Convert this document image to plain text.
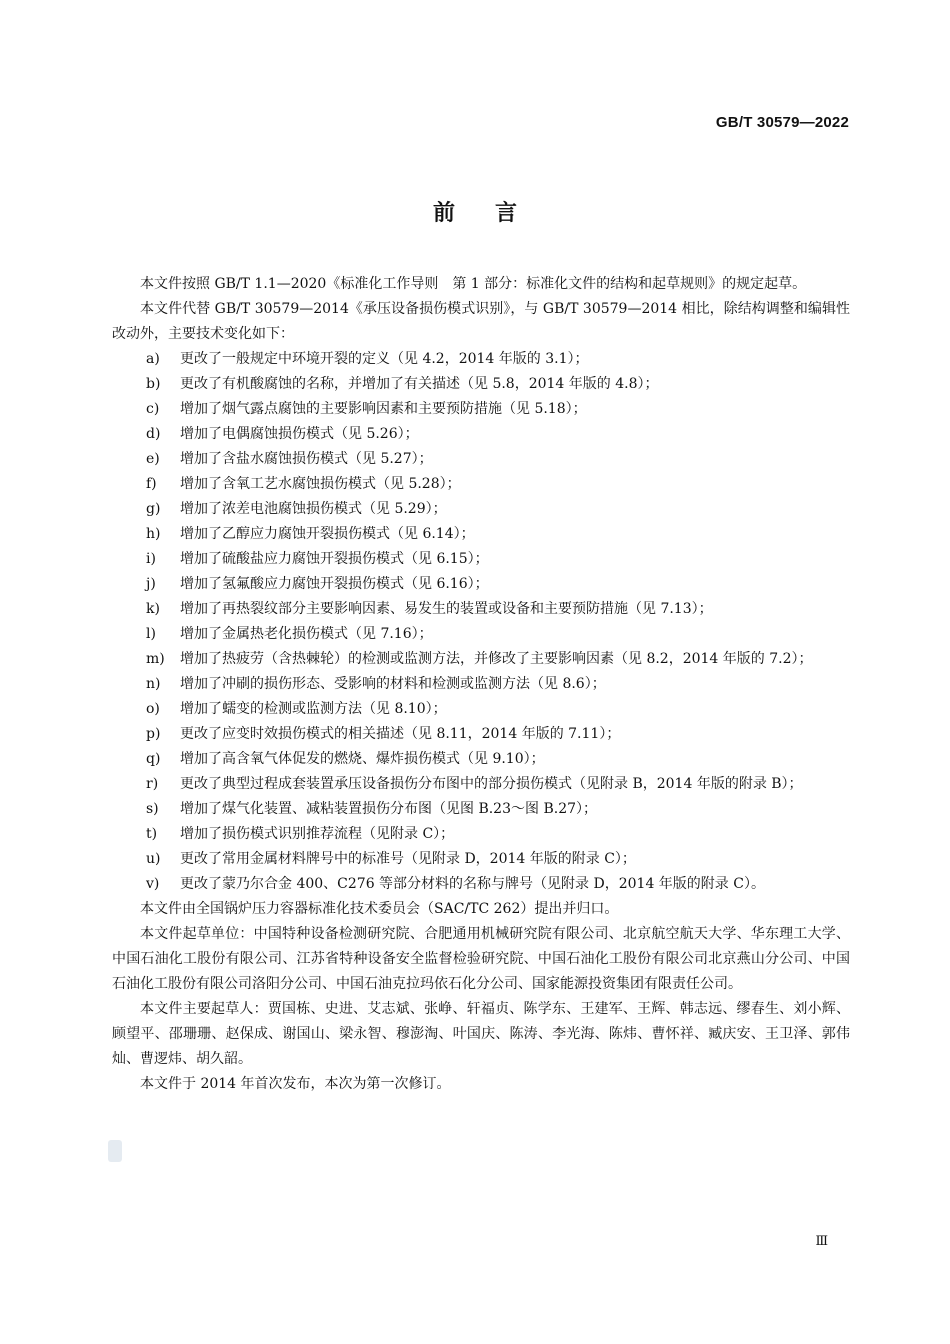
GB/T 30579—2022
前言

本文件按照 GB/T 1.1—2020《标准化工作导则　第 1 部分：标准化文件的结构和起草规则》的规定起草。

本文件代替 GB/T 30579—2014《承压设备损伤模式识别》，与 GB/T 30579—2014 相比，除结构调整和编辑性改动外，主要技术变化如下：

a) 更改了一般规定中环境开裂的定义（见 4.2，2014 年版的 3.1）；
b) 更改了有机酸腐蚀的名称，并增加了有关描述（见 5.8，2014 年版的 4.8）；
c) 增加了烟气露点腐蚀的主要影响因素和主要预防措施（见 5.18）；
d) 增加了电偶腐蚀损伤模式（见 5.26）；
e) 增加了含盐水腐蚀损伤模式（见 5.27）；
f) 增加了含氧工艺水腐蚀损伤模式（见 5.28）；
g) 增加了浓差电池腐蚀损伤模式（见 5.29）；
h) 增加了乙醇应力腐蚀开裂损伤模式（见 6.14）；
i) 增加了硫酸盐应力腐蚀开裂损伤模式（见 6.15）；
j) 增加了氢氟酸应力腐蚀开裂损伤模式（见 6.16）；
k) 增加了再热裂纹部分主要影响因素、易发生的装置或设备和主要预防措施（见 7.13）；
l) 增加了金属热老化损伤模式（见 7.16）；
m) 增加了热疲劳（含热棘轮）的检测或监测方法，并修改了主要影响因素（见 8.2，2014 年版的 7.2）；
n) 增加了冲刷的损伤形态、受影响的材料和检测或监测方法（见 8.6）；
o) 增加了蠕变的检测或监测方法（见 8.10）；
p) 更改了应变时效损伤模式的相关描述（见 8.11，2014 年版的 7.11）；
q) 增加了高含氧气体促发的燃烧、爆炸损伤模式（见 9.10）；
r) 更改了典型过程成套装置承压设备损伤分布图中的部分损伤模式（见附录 B，2014 年版的附录 B）；
s) 增加了煤气化装置、减粘装置损伤分布图（见图 B.23～图 B.27）；
t) 增加了损伤模式识别推荐流程（见附录 C）；
u) 更改了常用金属材料牌号中的标准号（见附录 D，2014 年版的附录 C）；
v) 更改了蒙乃尔合金 400、C276 等部分材料的名称与牌号（见附录 D，2014 年版的附录 C）。

本文件由全国锅炉压力容器标准化技术委员会（SAC/TC 262）提出并归口。

本文件起草单位：中国特种设备检测研究院、合肥通用机械研究院有限公司、北京航空航天大学、华东理工大学、中国石油化工股份有限公司、江苏省特种设备安全监督检验研究院、中国石油化工股份有限公司北京燕山分公司、中国石油化工股份有限公司洛阳分公司、中国石油克拉玛依石化分公司、国家能源投资集团有限责任公司。

本文件主要起草人：贾国栋、史进、艾志斌、张峥、轩福贞、陈学东、王建军、王辉、韩志远、缪春生、刘小辉、顾望平、邵珊珊、赵保成、谢国山、梁永智、穆澎淘、叶国庆、陈涛、李光海、陈炜、曹怀祥、臧庆安、王卫泽、郭伟灿、曹逻炜、胡久韶。

本文件于 2014 年首次发布，本次为第一次修订。

Ⅲ
